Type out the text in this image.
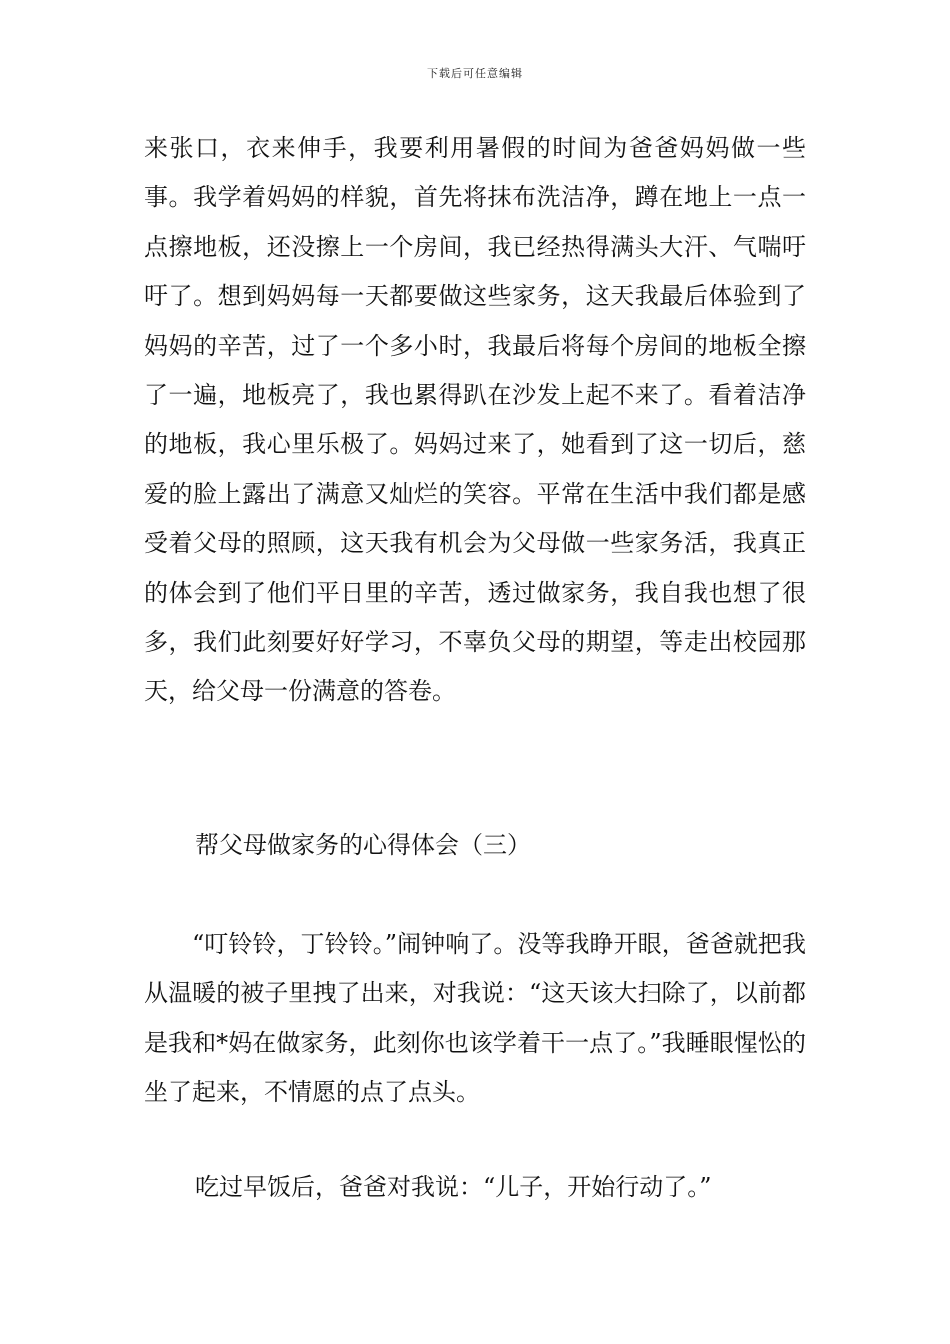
下载后可任意编辑

来张口，衣来伸手，我要利用暑假的时间为爸爸妈妈做一些事。我学着妈妈的样貌，首先将抹布洗洁净，蹲在地上一点一点擦地板，还没擦上一个房间，我已经热得满头大汗、气喘吁吁了。想到妈妈每一天都要做这些家务，这天我最后体验到了妈妈的辛苦，过了一个多小时，我最后将每个房间的地板全擦了一遍，地板亮了，我也累得趴在沙发上起不来了。看着洁净的地板，我心里乐极了。妈妈过来了，她看到了这一切后，慈爱的脸上露出了满意又灿烂的笑容。平常在生活中我们都是感受着父母的照顾，这天我有机会为父母做一些家务活，我真正的体会到了他们平日里的辛苦，透过做家务，我自我也想了很多，我们此刻要好好学习，不辜负父母的期望，等走出校园那天，给父母一份满意的答卷。

帮父母做家务的心得体会（三）

“叮铃铃，丁铃铃。”闹钟响了。没等我睁开眼，爸爸就把我从温暖的被子里拽了出来，对我说：“这天该大扫除了，以前都是我和*妈在做家务，此刻你也该学着干一点了。”我睡眼惺忪的坐了起来，不情愿的点了点头。

吃过早饭后，爸爸对我说：“儿子，开始行动了。”
